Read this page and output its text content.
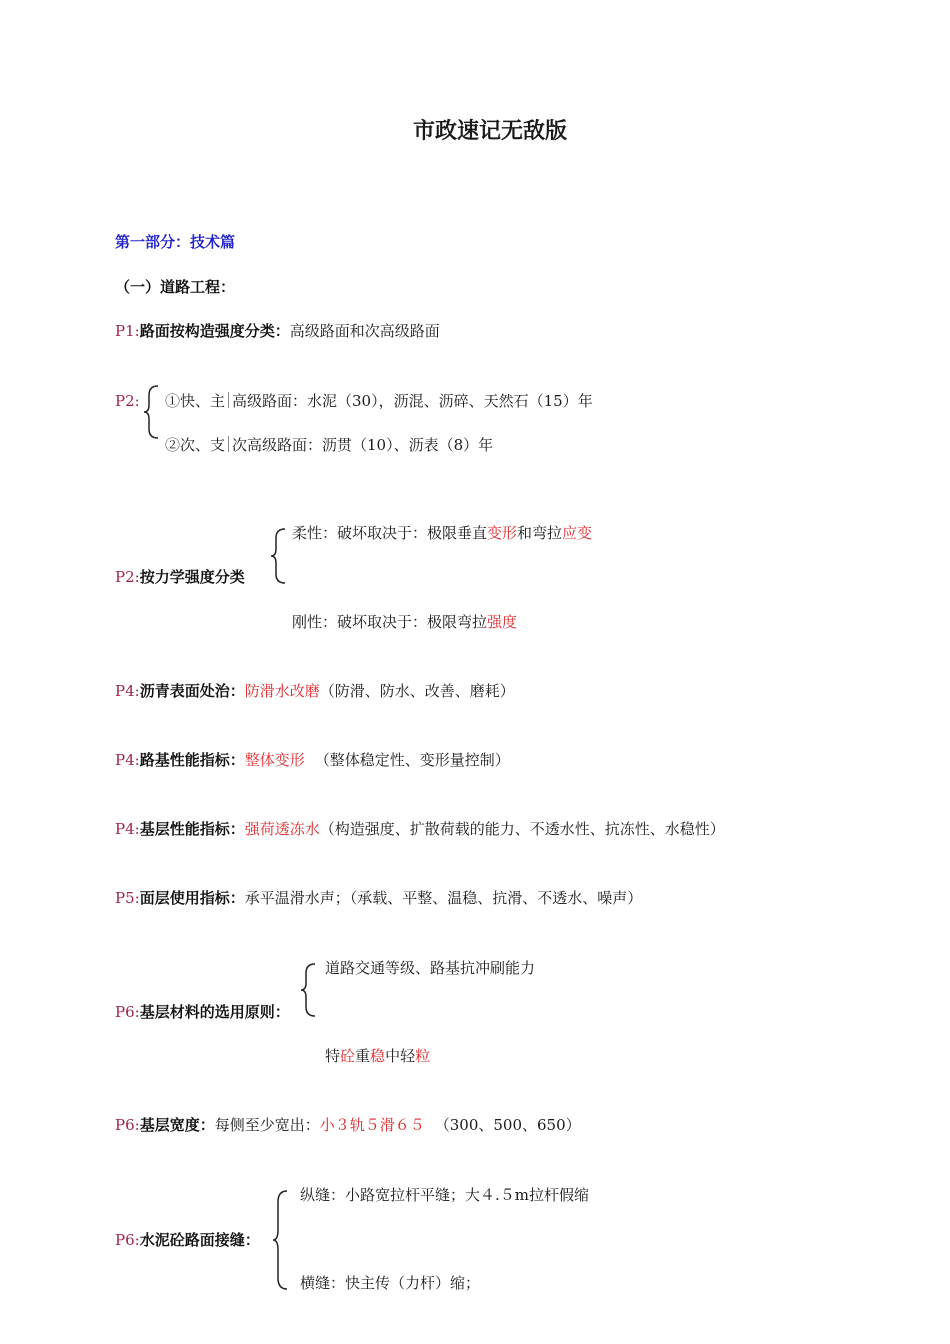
市政速记无敌版
第一部分：技术篇
（一）道路工程：
P1:路面按构造强度分类：高级路面和次高级路面
P2: ①快、主 高级路面：水泥（30），沥混、沥碎、天然石（15）年
②次、支 次高级路面：沥贯（10）、沥表（8）年
柔性：破坏取决于：极限垂直变形和弯拉应变
P2:按力学强度分类
刚性：破坏取决于：极限弯拉强度
P4:沥青表面处治：防滑水改磨（防滑、防水、改善、磨耗）
P4:路基性能指标：整体变形 （整体稳定性、变形量控制）
P4:基层性能指标：强荷透冻水（构造强度、扩散荷载的能力、不透水性、抗冻性、水稳性）
P5:面层使用指标：承平温滑水声；（承载、平整、温稳、抗滑、不透水、噪声）
道路交通等级、路基抗冲刷能力
P6:基层材料的选用原则：
特砼重稳中轻粒
P6:基层宽度：每侧至少宽出：小３轨５滑６５ （300、500、650）
纵缝：小路宽拉杆平缝；大４.５m拉杆假缩
P6:水泥砼路面接缝：
横缝：快主传（力杆）缩；
